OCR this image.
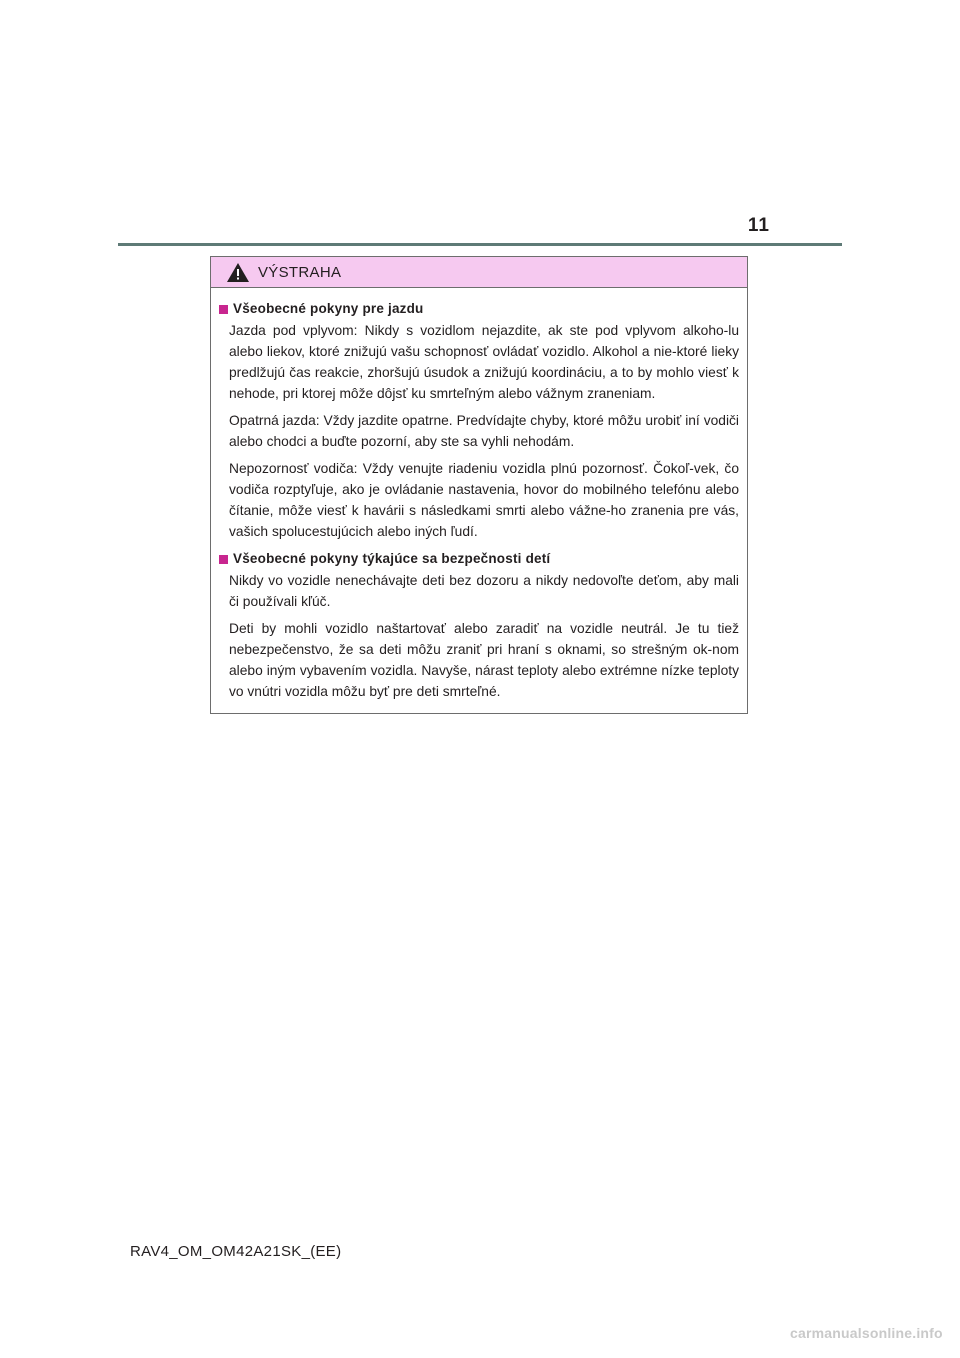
11
VÝSTRAHA
Všeobecné pokyny pre jazdu

Jazda pod vplyvom: Nikdy s vozidlom nejazdite, ak ste pod vplyvom alkoho-lu alebo liekov, ktoré znižujú vašu schopnosť ovládať vozidlo. Alkohol a nie-ktoré lieky predlžujú čas reakcie, zhoršujú úsudok a znižujú koordináciu, a to by mohlo viesť k nehode, pri ktorej môže dôjsť ku smrteľným alebo vážnym zraneniam.

Opatrná jazda: Vždy jazdite opatrne. Predvídajte chyby, ktoré môžu urobiť iní vodiči alebo chodci a buďte pozorní, aby ste sa vyhli nehodám.

Nepozornosť vodiča: Vždy venujte riadeniu vozidla plnú pozornosť. Čokoľ-vek, čo vodiča rozptyľuje, ako je ovládanie nastavenia, hovor do mobilného telefónu alebo čítanie, môže viesť k havárii s následkami smrti alebo vážne-ho zranenia pre vás, vašich spolucestujúcich alebo iných ľudí.

Všeobecné pokyny týkajúce sa bezpečnosti detí

Nikdy vo vozidle nenechávajte deti bez dozoru a nikdy nedovoľte deťom, aby mali či používali kľúč.

Deti by mohli vozidlo naštartovať alebo zaradiť na vozidle neutrál. Je tu tiež nebezpečenstvo, že sa deti môžu zraniť pri hraní s oknami, so strešným ok-nom alebo iným vybavením vozidla. Navyše, nárast teploty alebo extrémne nízke teploty vo vnútri vozidla môžu byť pre deti smrteľné.

RAV4_OM_OM42A21SK_(EE)
carmanualsonline.info
